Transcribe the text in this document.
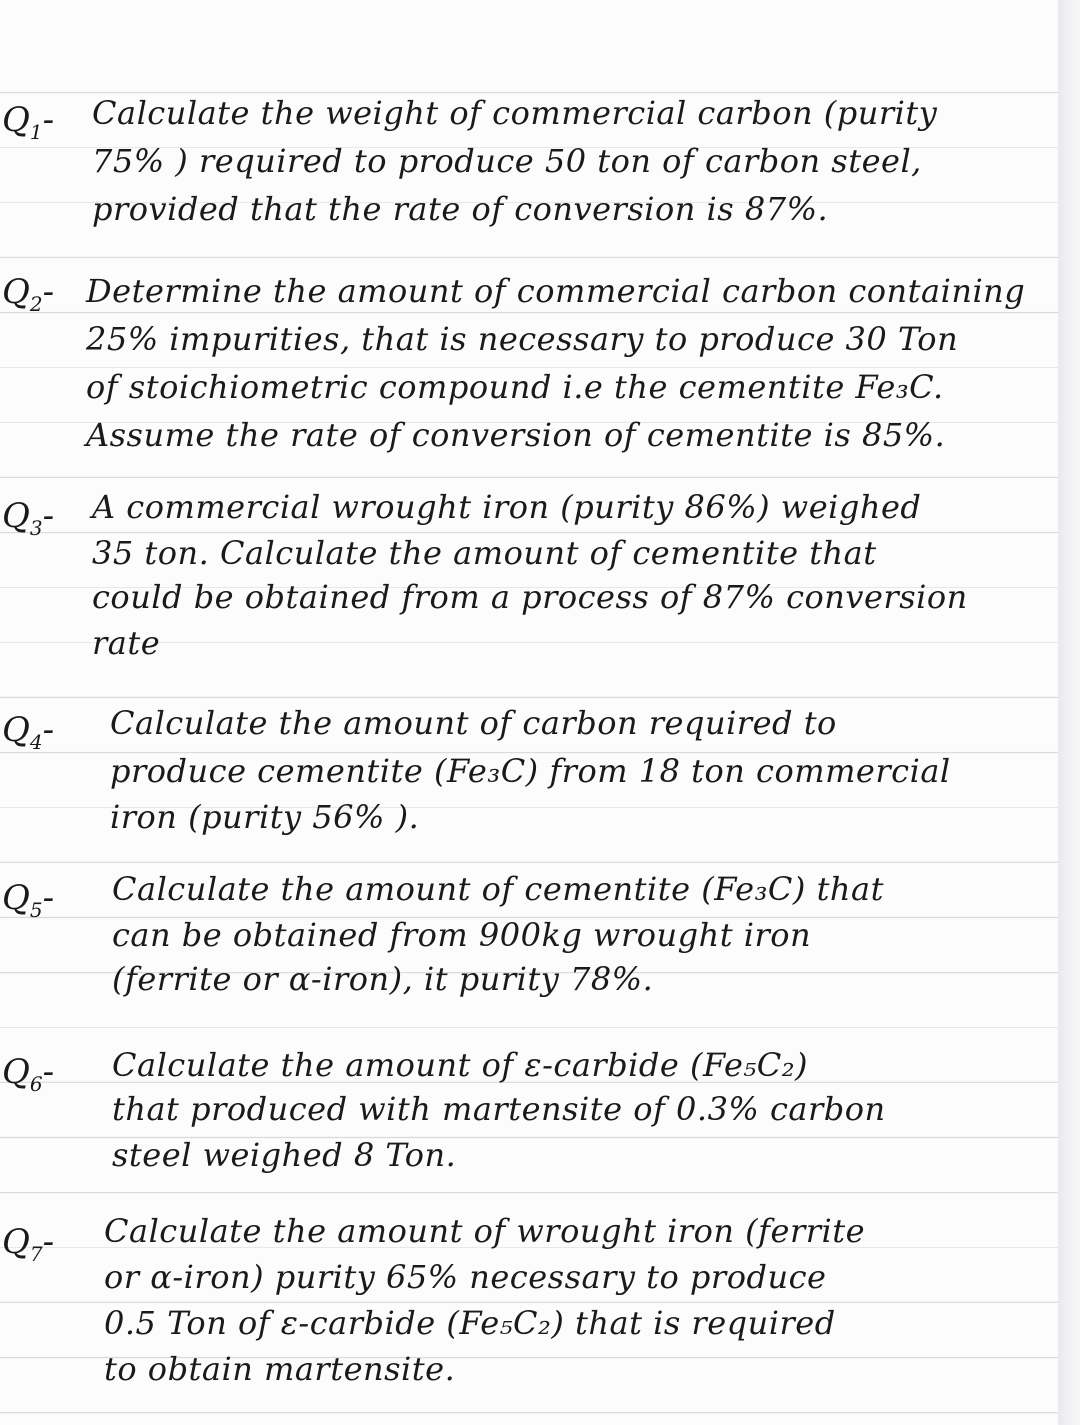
$Q_1-$ Calculate the weight of commercial carbon (purity
75% ) required to produce 50 ton of carbon steel,
provided that the rate of conversion is 87%.
$Q_2-$ Determine the amount of commercial carbon containing
25% impurities, that is necessary to produce 30 Ton
of stoichiometric compound i.e the cementite Fe₃C.
Assume the rate of conversion of cementite is 85%.
$Q_3-$ A commercial wrought iron (purity 86%) weighed
35 ton. Calculate the amount of cementite that
could be obtained from a process of 87% conversion
rate
$Q_4-$ Calculate the amount of carbon required to
produce cementite (Fe₃C) from 18 ton commercial
iron (purity 56% ).
$Q_5-$ Calculate the amount of cementite (Fe₃C) that
can be obtained from 900kg wrought iron
(ferrite or α-iron), it purity 78%.
$Q_6-$ Calculate the amount of ε-carbide (Fe₅C₂)
that produced with martensite of 0.3% carbon
steel weighed 8 Ton.
$Q_7-$ Calculate the amount of wrought iron (ferrite
or α-iron) purity 65% necessary to produce
0.5 Ton of ε-carbide (Fe₅C₂) that is required
to obtain martensite.
